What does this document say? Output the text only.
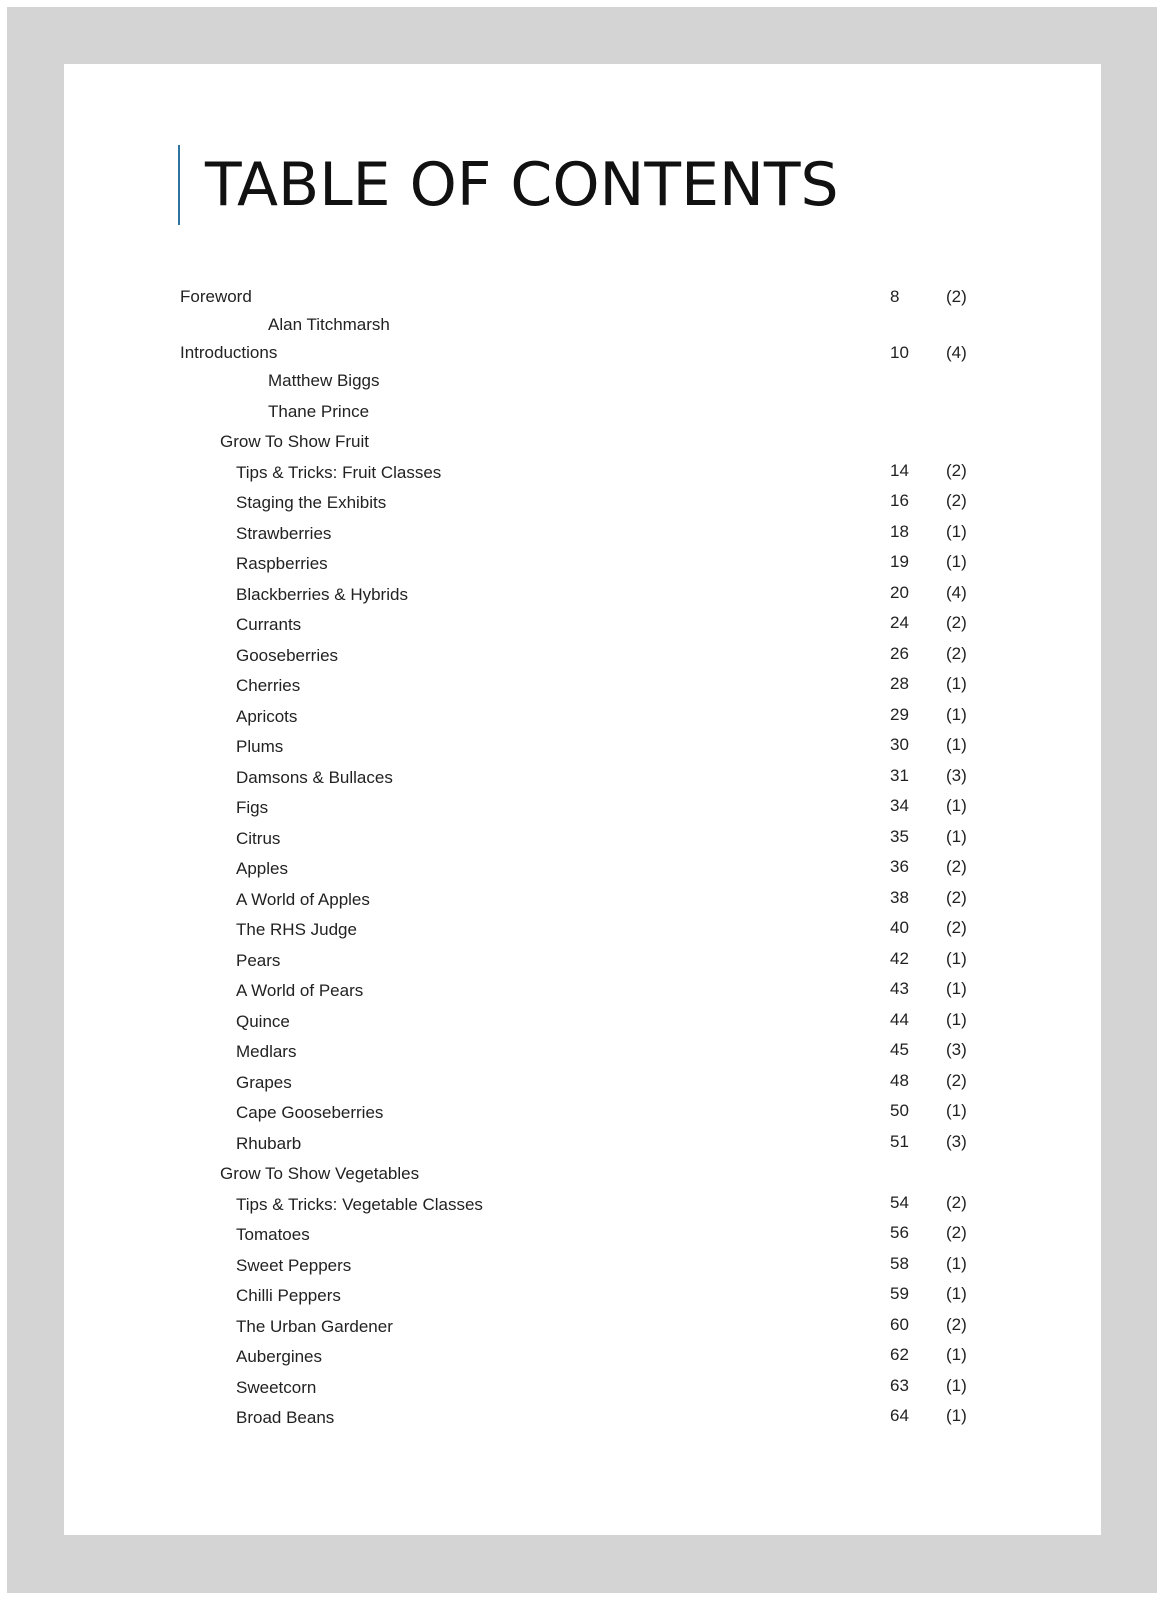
TABLE OF CONTENTS
Foreword	8	(2)
Alan Titchmarsh
Introductions	10 (4)
Matthew Biggs
Thane Prince
Grow To Show Fruit
Tips & Tricks: Fruit Classes	14 (2)
Staging the Exhibits	16 (2)
Strawberries	18 (1)
Raspberries	19 (1)
Blackberries & Hybrids	20 (4)
Currants	24 (2)
Gooseberries	26 (2)
Cherries	28 (1)
Apricots	29 (1)
Plums	30 (1)
Damsons & Bullaces	31 (3)
Figs	34 (1)
Citrus	35 (1)
Apples	36 (2)
A World of Apples	38 (2)
The RHS Judge	40 (2)
Pears	42 (1)
A World of Pears	43 (1)
Quince	44 (1)
Medlars	45 (3)
Grapes	48 (2)
Cape Gooseberries	50 (1)
Rhubarb	51 (3)
Grow To Show Vegetables
Tips & Tricks: Vegetable Classes	54 (2)
Tomatoes	56 (2)
Sweet Peppers	58 (1)
Chilli Peppers	59 (1)
The Urban Gardener	60 (2)
Aubergines	62 (1)
Sweetcorn	63 (1)
Broad Beans	64 (1)
